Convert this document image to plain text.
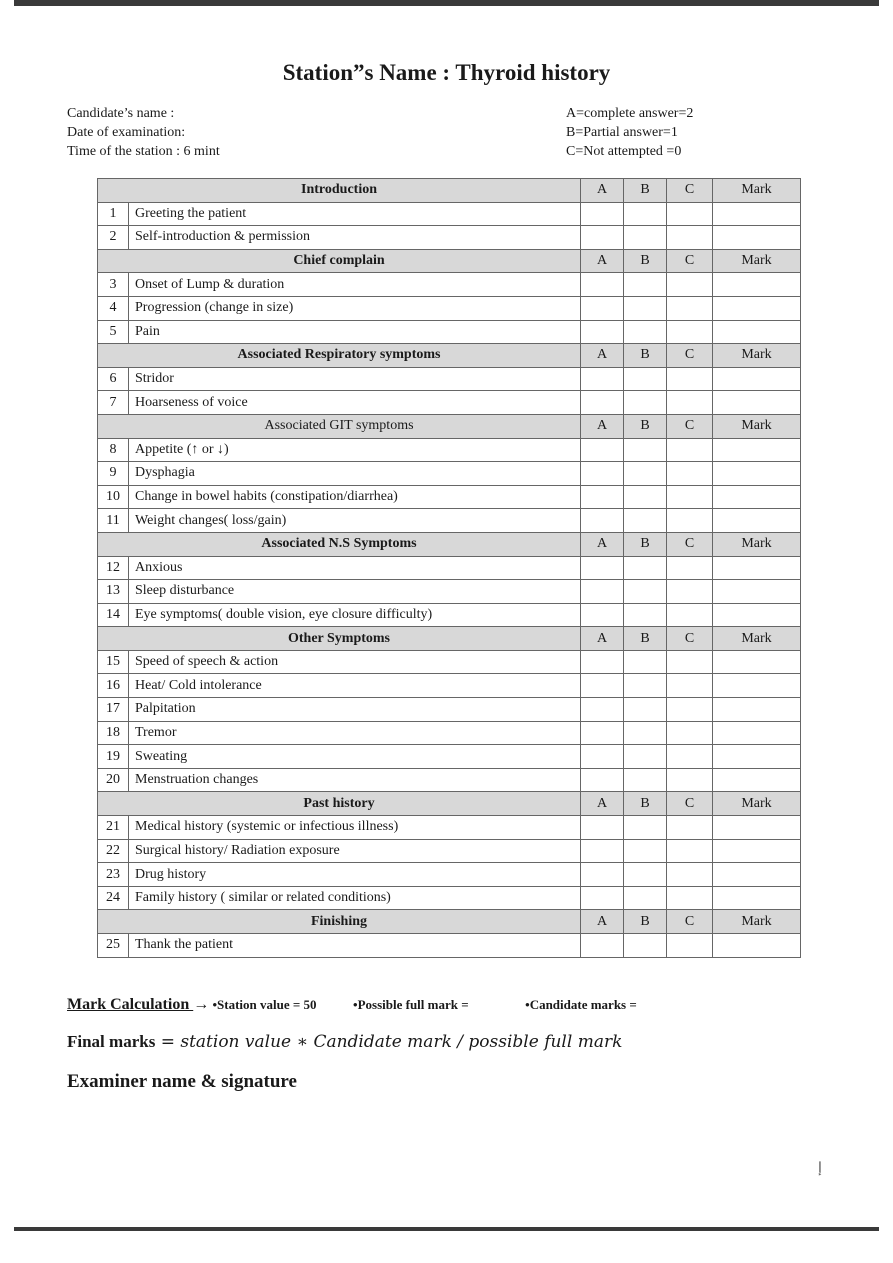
Station”s Name : Thyroid history
Candidate’s name :
Date of examination:
Time of the station : 6 mint
A=complete answer=2
B=Partial answer=1
C=Not attempted =0
Introduction		A	B	C	Mark
1	Greeting the patient				
2	Self-introduction & permission				
Chief complain		A	B	C	Mark
3	Onset of Lump & duration				
4	Progression (change in size)				
5	Pain				
Associated Respiratory symptoms		A	B	C	Mark
6	Stridor				
7	Hoarseness of voice				
Associated GIT symptoms		A	B	C	Mark
8	Appetite (↑ or ↓)				
9	Dysphagia				
10	Change in bowel habits (constipation/diarrhea)				
11	Weight changes( loss/gain)				
Associated N.S Symptoms		A	B	C	Mark
12	Anxious				
13	Sleep disturbance				
14	Eye symptoms( double vision, eye closure difficulty)				
Other Symptoms		A	B	C	Mark
15	Speed of speech & action				
16	Heat/ Cold intolerance				
17	Palpitation				
18	Tremor				
19	Sweating				
20	Menstruation changes				
Past history		A	B	C	Mark
21	Medical history (systemic or infectious illness)				
22	Surgical history/ Radiation exposure				
23	Drug history				
24	Family history ( similar or related conditions)				
Finishing		A	B	C	Mark
25	Thank the patient				
Mark Calculation → •Station value = 50	•Possible full mark =	•Candidate marks =
Final marks = station value ∗ Candidate mark / possible full mark
Examiner name & signature
إ
